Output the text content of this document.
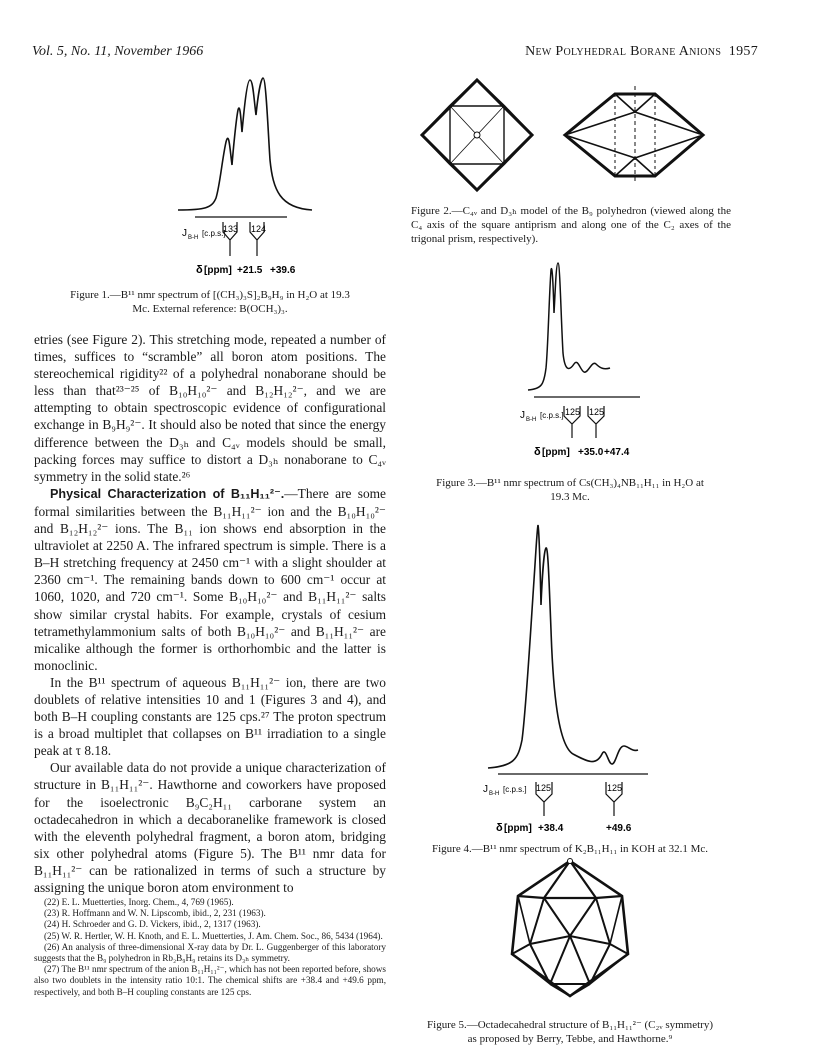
Vol. 5, No. 11, November 1966	New Polyhedral Borane Anions 1957
J B-H [c.p.s.]
133 124
δ [ppm] +21.5 +39.6
Figure 1.—B¹¹ nmr spectrum of [(CH₃)₃S]₂B₉H₉ in H₂O at 19.3
Mc. External reference: B(OCH₃)₃.

etries (see Figure 2). This stretching mode, repeated a number of times, suffices to “scramble” all boron atom positions. The stereochemical rigidity²² of a polyhedral nonaborane should be less than that²³⁻²⁵ of B₁₀H₁₀²⁻ and B₁₂H₁₂²⁻, and we are attempting to obtain spectroscopic evidence of configurational exchange in B₉H₉²⁻. It should also be noted that since the energy difference between the D₃ₕ and C₄ᵥ models should be small, packing forces may suffice to distort a D₃ₕ nonaborane to C₄ᵥ symmetry in the solid state.²⁶

Physical Characterization of B₁₁H₁₁²⁻.—There are some formal similarities between the B₁₁H₁₁²⁻ ion and the B₁₀H₁₀²⁻ and B₁₂H₁₂²⁻ ions. The B₁₁ ion shows end absorption in the ultraviolet at 2250 A. The infrared spectrum is simple. There is a B–H stretching frequency at 2450 cm⁻¹ with a slight shoulder at 2360 cm⁻¹. The remaining bands down to 600 cm⁻¹ occur at 1060, 1020, and 720 cm⁻¹. Some B₁₀H₁₀²⁻ and B₁₁H₁₁²⁻ salts show similar crystal habits. For example, crystals of cesium tetramethylammonium salts of both B₁₀H₁₀²⁻ and B₁₁H₁₁²⁻ are micalike although the former is orthorhombic and the latter is monoclinic.

In the B¹¹ spectrum of aqueous B₁₁H₁₁²⁻ ion, there are two doublets of relative intensities 10 and 1 (Figures 3 and 4), and both B–H coupling constants are 125 cps.²⁷ The proton spectrum is a broad multiplet that collapses on B¹¹ irradiation to a single peak at τ 8.18.

Our available data do not provide a unique characterization of structure in B₁₁H₁₁²⁻. Hawthorne and coworkers have proposed for the isoelectronic B₉C₂H₁₁ carborane system an octadecahedron in which a decaboranelike framework is closed with the eleventh polyhedral fragment, a boron atom, bridging six other polyhedral atoms (Figure 5). The B¹¹ nmr data for B₁₁H₁₁²⁻ can be rationalized in terms of such a structure by assigning the unique boron atom environment to

(22) E. L. Muetterties, Inorg. Chem., 4, 769 (1965).

(23) R. Hoffmann and W. N. Lipscomb, ibid., 2, 231 (1963).

(24) H. Schroeder and G. D. Vickers, ibid., 2, 1317 (1963).

(25) W. R. Hertler, W. H. Knoth, and E. L. Muetterties, J. Am. Chem. Soc., 86, 5434 (1964).

(26) An analysis of three-dimensional X-ray data by Dr. L. Guggenberger of this laboratory suggests that the B₉ polyhedron in Rb₂B₉H₉ retains its D₃ₕ symmetry.

(27) The B¹¹ nmr spectrum of the anion B₁₁H₁₁²⁻, which has not been reported before, shows also two doublets in the intensity ratio 10:1. The chemical shifts are +38.4 and +49.6 ppm, respectively, and both B–H coupling constants are 125 cps.

Figure 2.—C₄ᵥ and D₃ₕ model of the B₉ polyhedron (viewed along the C₄ axis of the square antiprism and along one of the C₂ axes of the trigonal prism, respectively).
J B-H [c.p.s.] 125 125
δ [ppm] +35.0 +47.4
Figure 3.—B¹¹ nmr spectrum of Cs(CH₃)₄NB₁₁H₁₁ in H₂O at
19.3 Mc.
J B-H [c.p.s.] 125	125
δ [ppm] +38.4	+49.6
Figure 4.—B¹¹ nmr spectrum of K₂B₁₁H₁₁ in KOH at 32.1 Mc.
Figure 5.—Octadecahedral structure of B₁₁H₁₁²⁻ (C₂ᵥ symmetry)
as proposed by Berry, Tebbe, and Hawthorne.⁹
